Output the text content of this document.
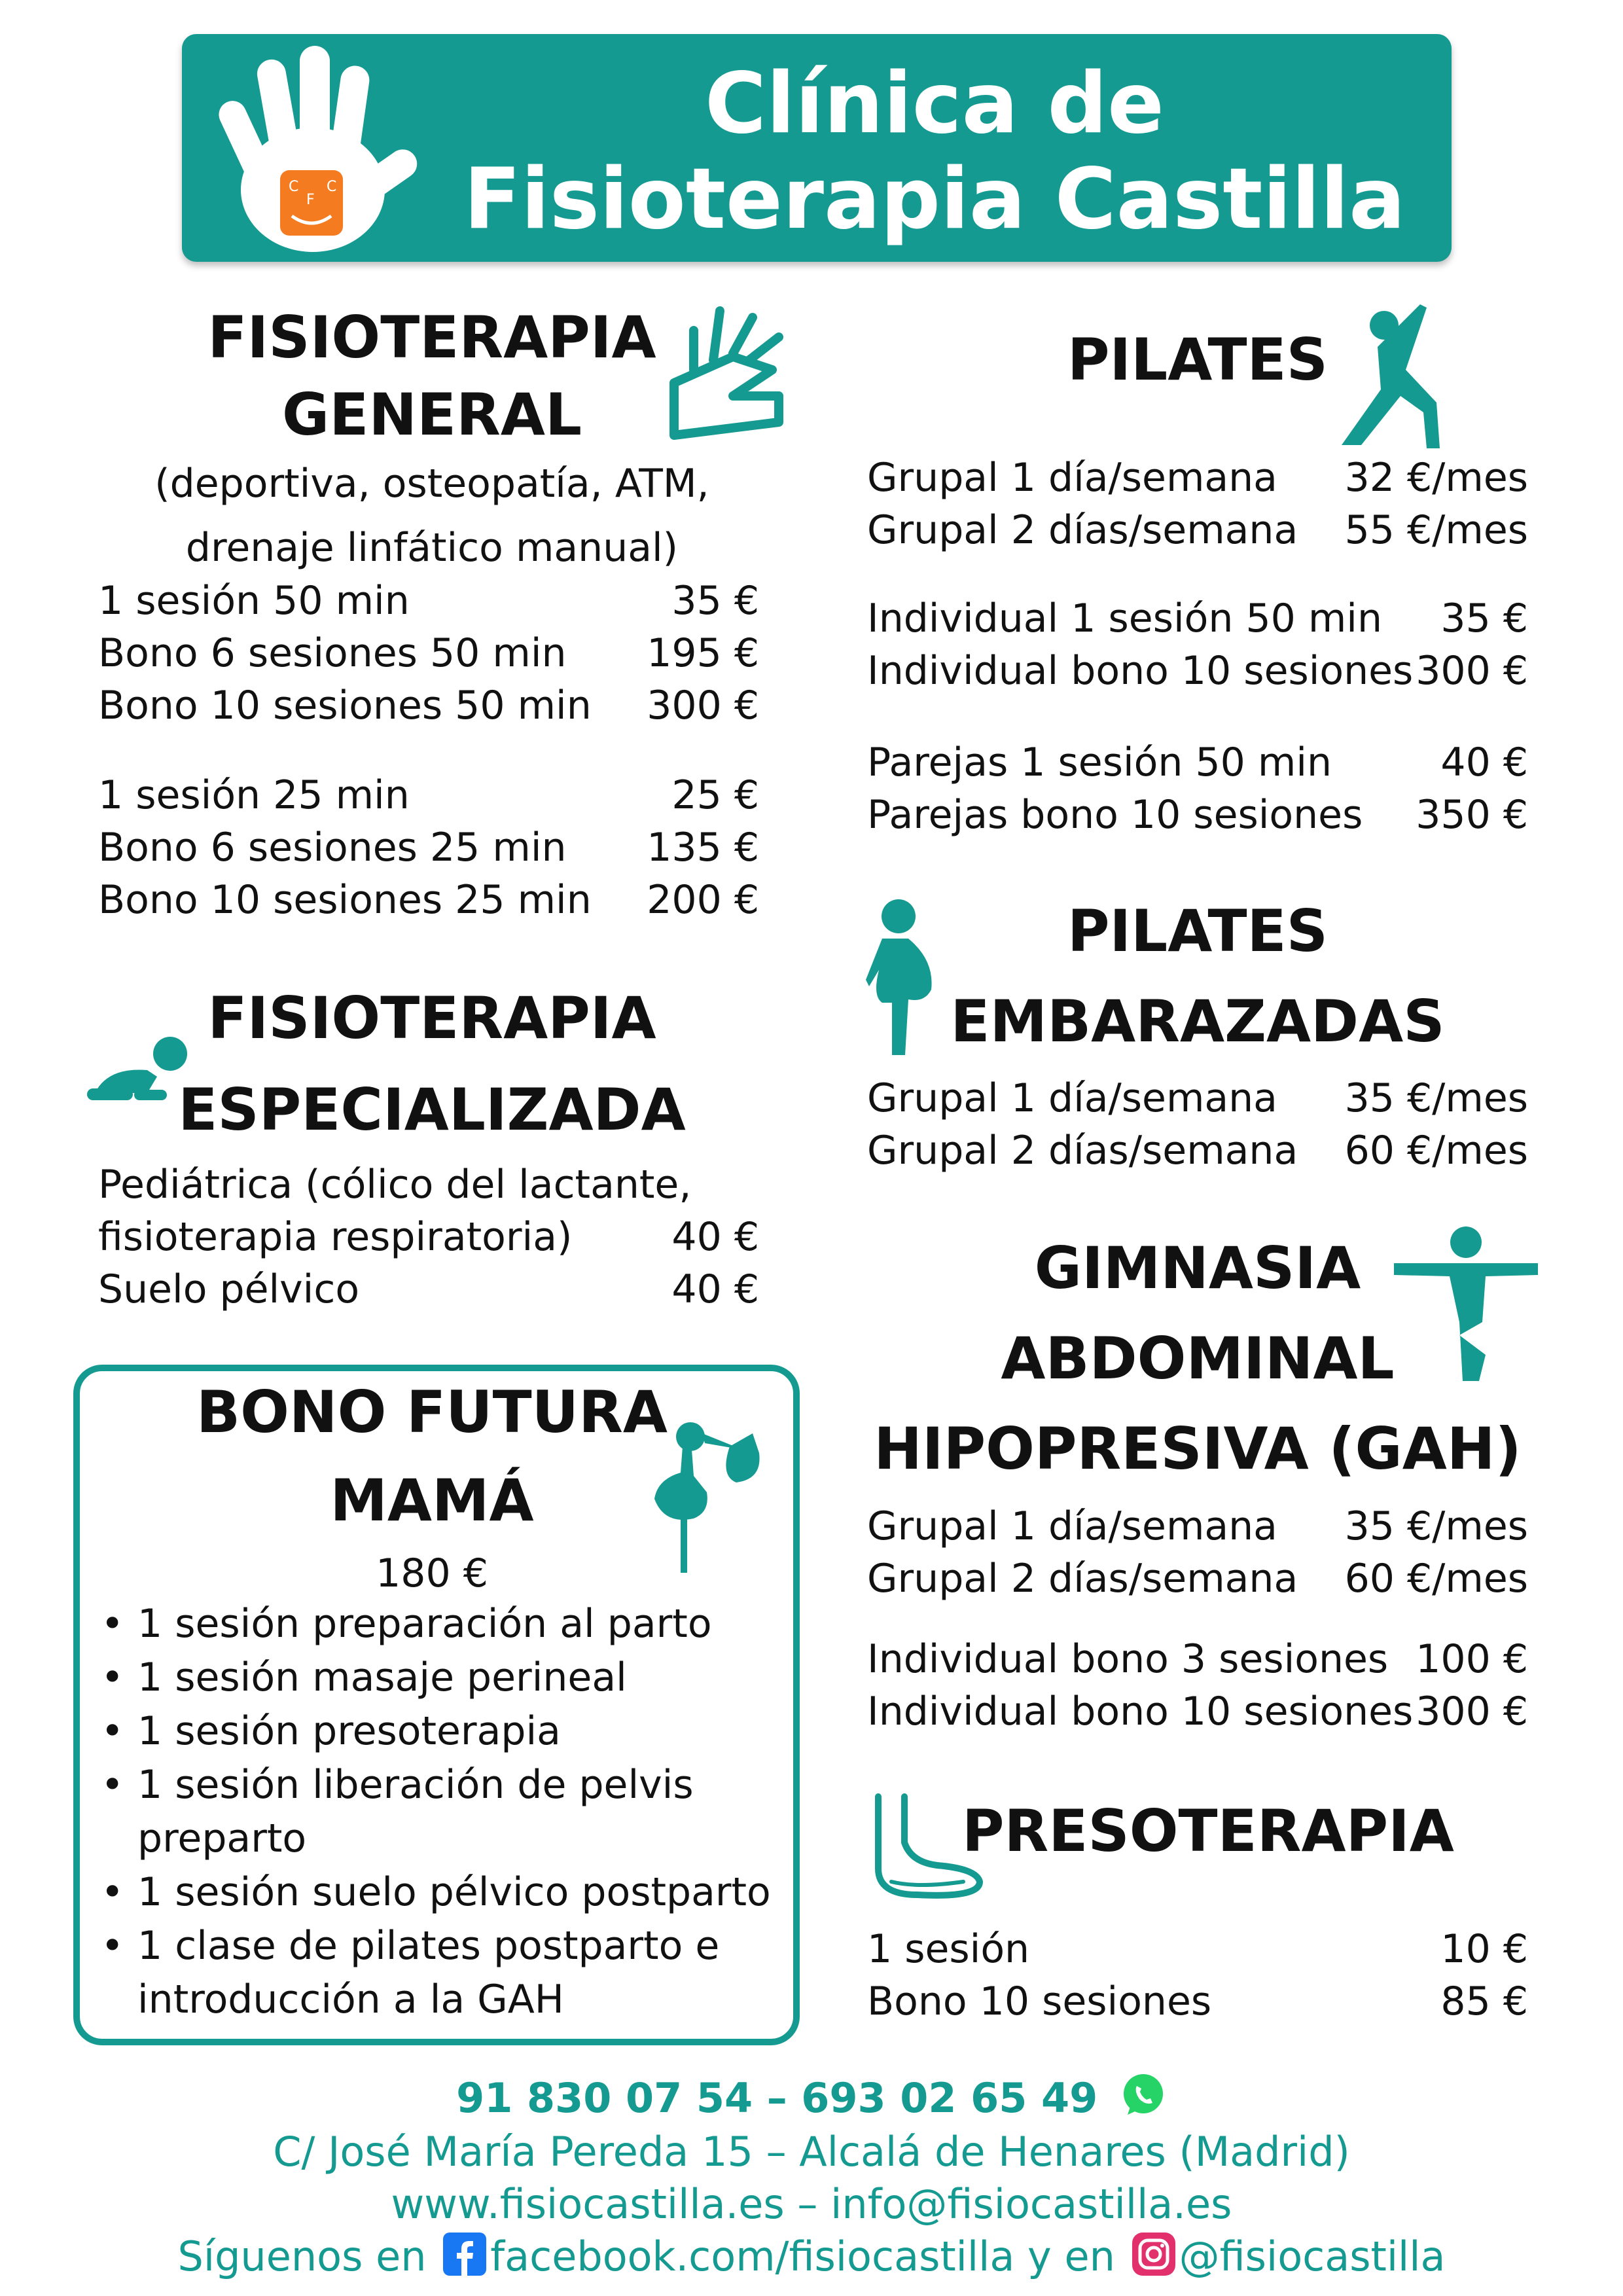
C C
F
Clínica de
Fisioterapia Castilla
FISIOTERAPIA
GENERAL
(deportiva, osteopatía, ATM,
drenaje linfático manual)
1 sesión 50 min	35 €
Bono 6 sesiones 50 min 195 €
Bono 10 sesiones 50 min 300 €
1 sesión 25 min	25 €
Bono 6 sesiones 25 min 135 €
Bono 10 sesiones 25 min 200 €
FISIOTERAPIA
ESPECIALIZADA
Pediátrica (cólico del lactante,
fisioterapia respiratoria)	40 €
Suelo pélvico	40 €
BONO FUTURA
MAMÁ
180 €
• 1 sesión preparación al parto
• 1 sesión masaje perineal
• 1 sesión presoterapia
• 1 sesión liberación de pelvis preparto
• 1 sesión suelo pélvico postparto
• 1 clase de pilates postparto e introducción a la GAH
PILATES
Grupal 1 día/semana 32 €/mes
Grupal 2 días/semana 55 €/mes
Individual 1 sesión 50 min 35 €
Individual bono 10 sesiones 300 €
Parejas 1 sesión 50 min	40 €
Parejas bono 10 sesiones 350 €
PILATES
EMBARAZADAS
Grupal 1 día/semana 35 €/mes
Grupal 2 días/semana 60 €/mes
GIMNASIA
ABDOMINAL
HIPOPRESIVA (GAH)
Grupal 1 día/semana 35 €/mes
Grupal 2 días/semana 60 €/mes
Individual bono 3 sesiones 100 €
Individual bono 10 sesiones 300 €
PRESOTERAPIA
1 sesión	10 €
Bono 10 sesiones	85 €
91 830 07 54 – 693 02 65 49
C/ José María Pereda 15 – Alcalá de Henares (Madrid)
www.fisiocastilla.es – info@fisiocastilla.es
Síguenos en facebook.com/fisiocastilla y en @fisiocastilla
